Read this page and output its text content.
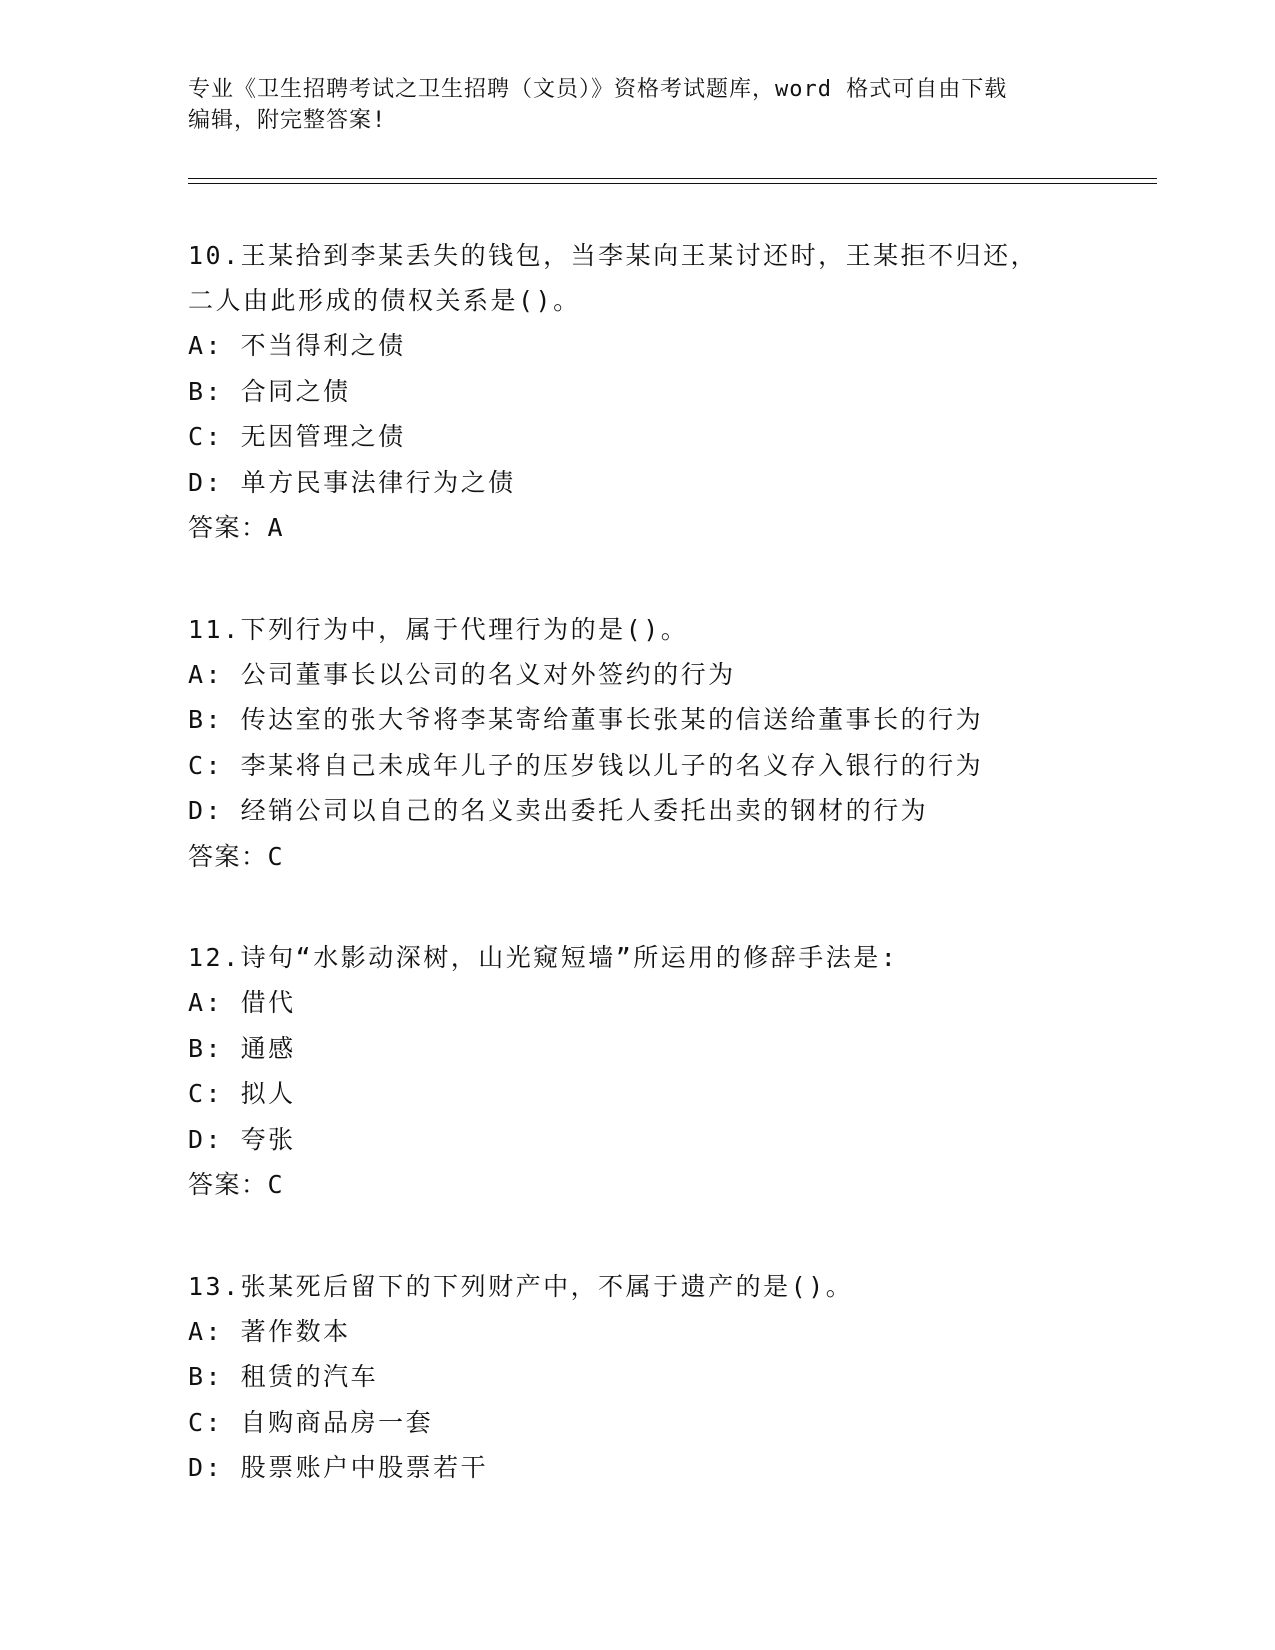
专业《卫生招聘考试之卫生招聘（文员）》资格考试题库，word 格式可自由下载
编辑，附完整答案!
10.王某拾到李某丢失的钱包，当李某向王某讨还时，王某拒不归还，
二人由此形成的债权关系是()。
A: 不当得利之债
B: 合同之债
C: 无因管理之债
D: 单方民事法律行为之债
答案：A
11.下列行为中，属于代理行为的是()。
A: 公司董事长以公司的名义对外签约的行为
B: 传达室的张大爷将李某寄给董事长张某的信送给董事长的行为
C: 李某将自己未成年儿子的压岁钱以儿子的名义存入银行的行为
D: 经销公司以自己的名义卖出委托人委托出卖的钢材的行为
答案：C
12.诗句“水影动深树，山光窥短墙”所运用的修辞手法是:
A: 借代
B: 通感
C: 拟人
D: 夸张
答案：C
13.张某死后留下的下列财产中，不属于遗产的是()。
A: 著作数本
B: 租赁的汽车
C: 自购商品房一套
D: 股票账户中股票若干
